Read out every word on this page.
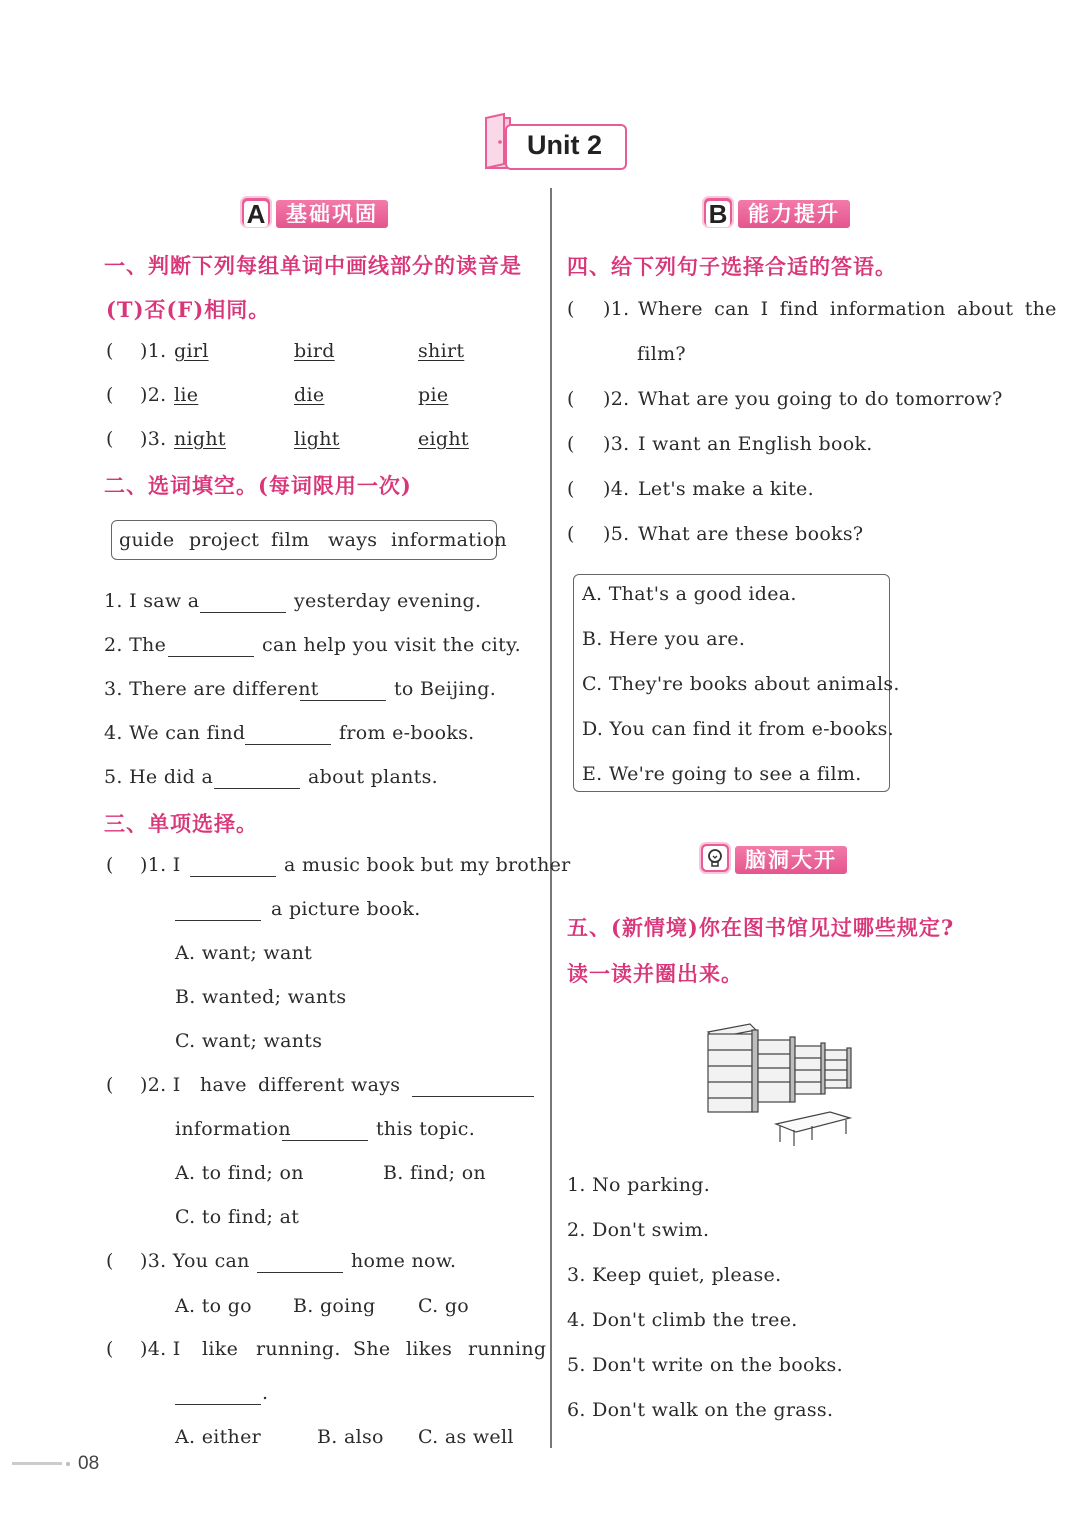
Unit 2
A 基础巩固	B 能力提升
一、判断下列每组单词中画线部分的读音是
(T)否(F)相同。
( )1. girl	bird	shirt
( )2. lie	die	pie
( )3. night	light	eight
二、选词填空。(每词限用一次)
guide project film ways information
1. I saw a	yesterday evening.
2. The	can help you visit the city.
3. There are different	to Beijing.
4. We can find	from e-books.
5. He did a	about plants.
三、单项选择。
( )1. I	a music book but my brother
a picture book.
A. want; want
B. wanted; wants
C. want; wants
( )2. I have different ways
information	this topic.
A. to find; on	B. find; on
C. to find; at
( )3. You can	home now.
A. to go B. going C. go
( )4. I like running. She likes running
.
A. either	B. also C. as well
四、给下列句子选择合适的答语。
( )1. Where can I find information about the
film?
( )2. What are you going to do tomorrow?
( )3. I want an English book.
( )4. Let's make a kite.
( )5. What are these books?
A. That's a good idea.
B. Here you are.
C. They're books about animals.
D. You can find it from e-books.
E. We're going to see a film.
脑洞大开
五、(新情境)你在图书馆见过哪些规定?
读一读并圈出来。
1. No parking.
2. Don't swim.
3. Keep quiet, please.
4. Don't climb the tree.
5. Don't write on the books.
6. Don't walk on the grass.
08
